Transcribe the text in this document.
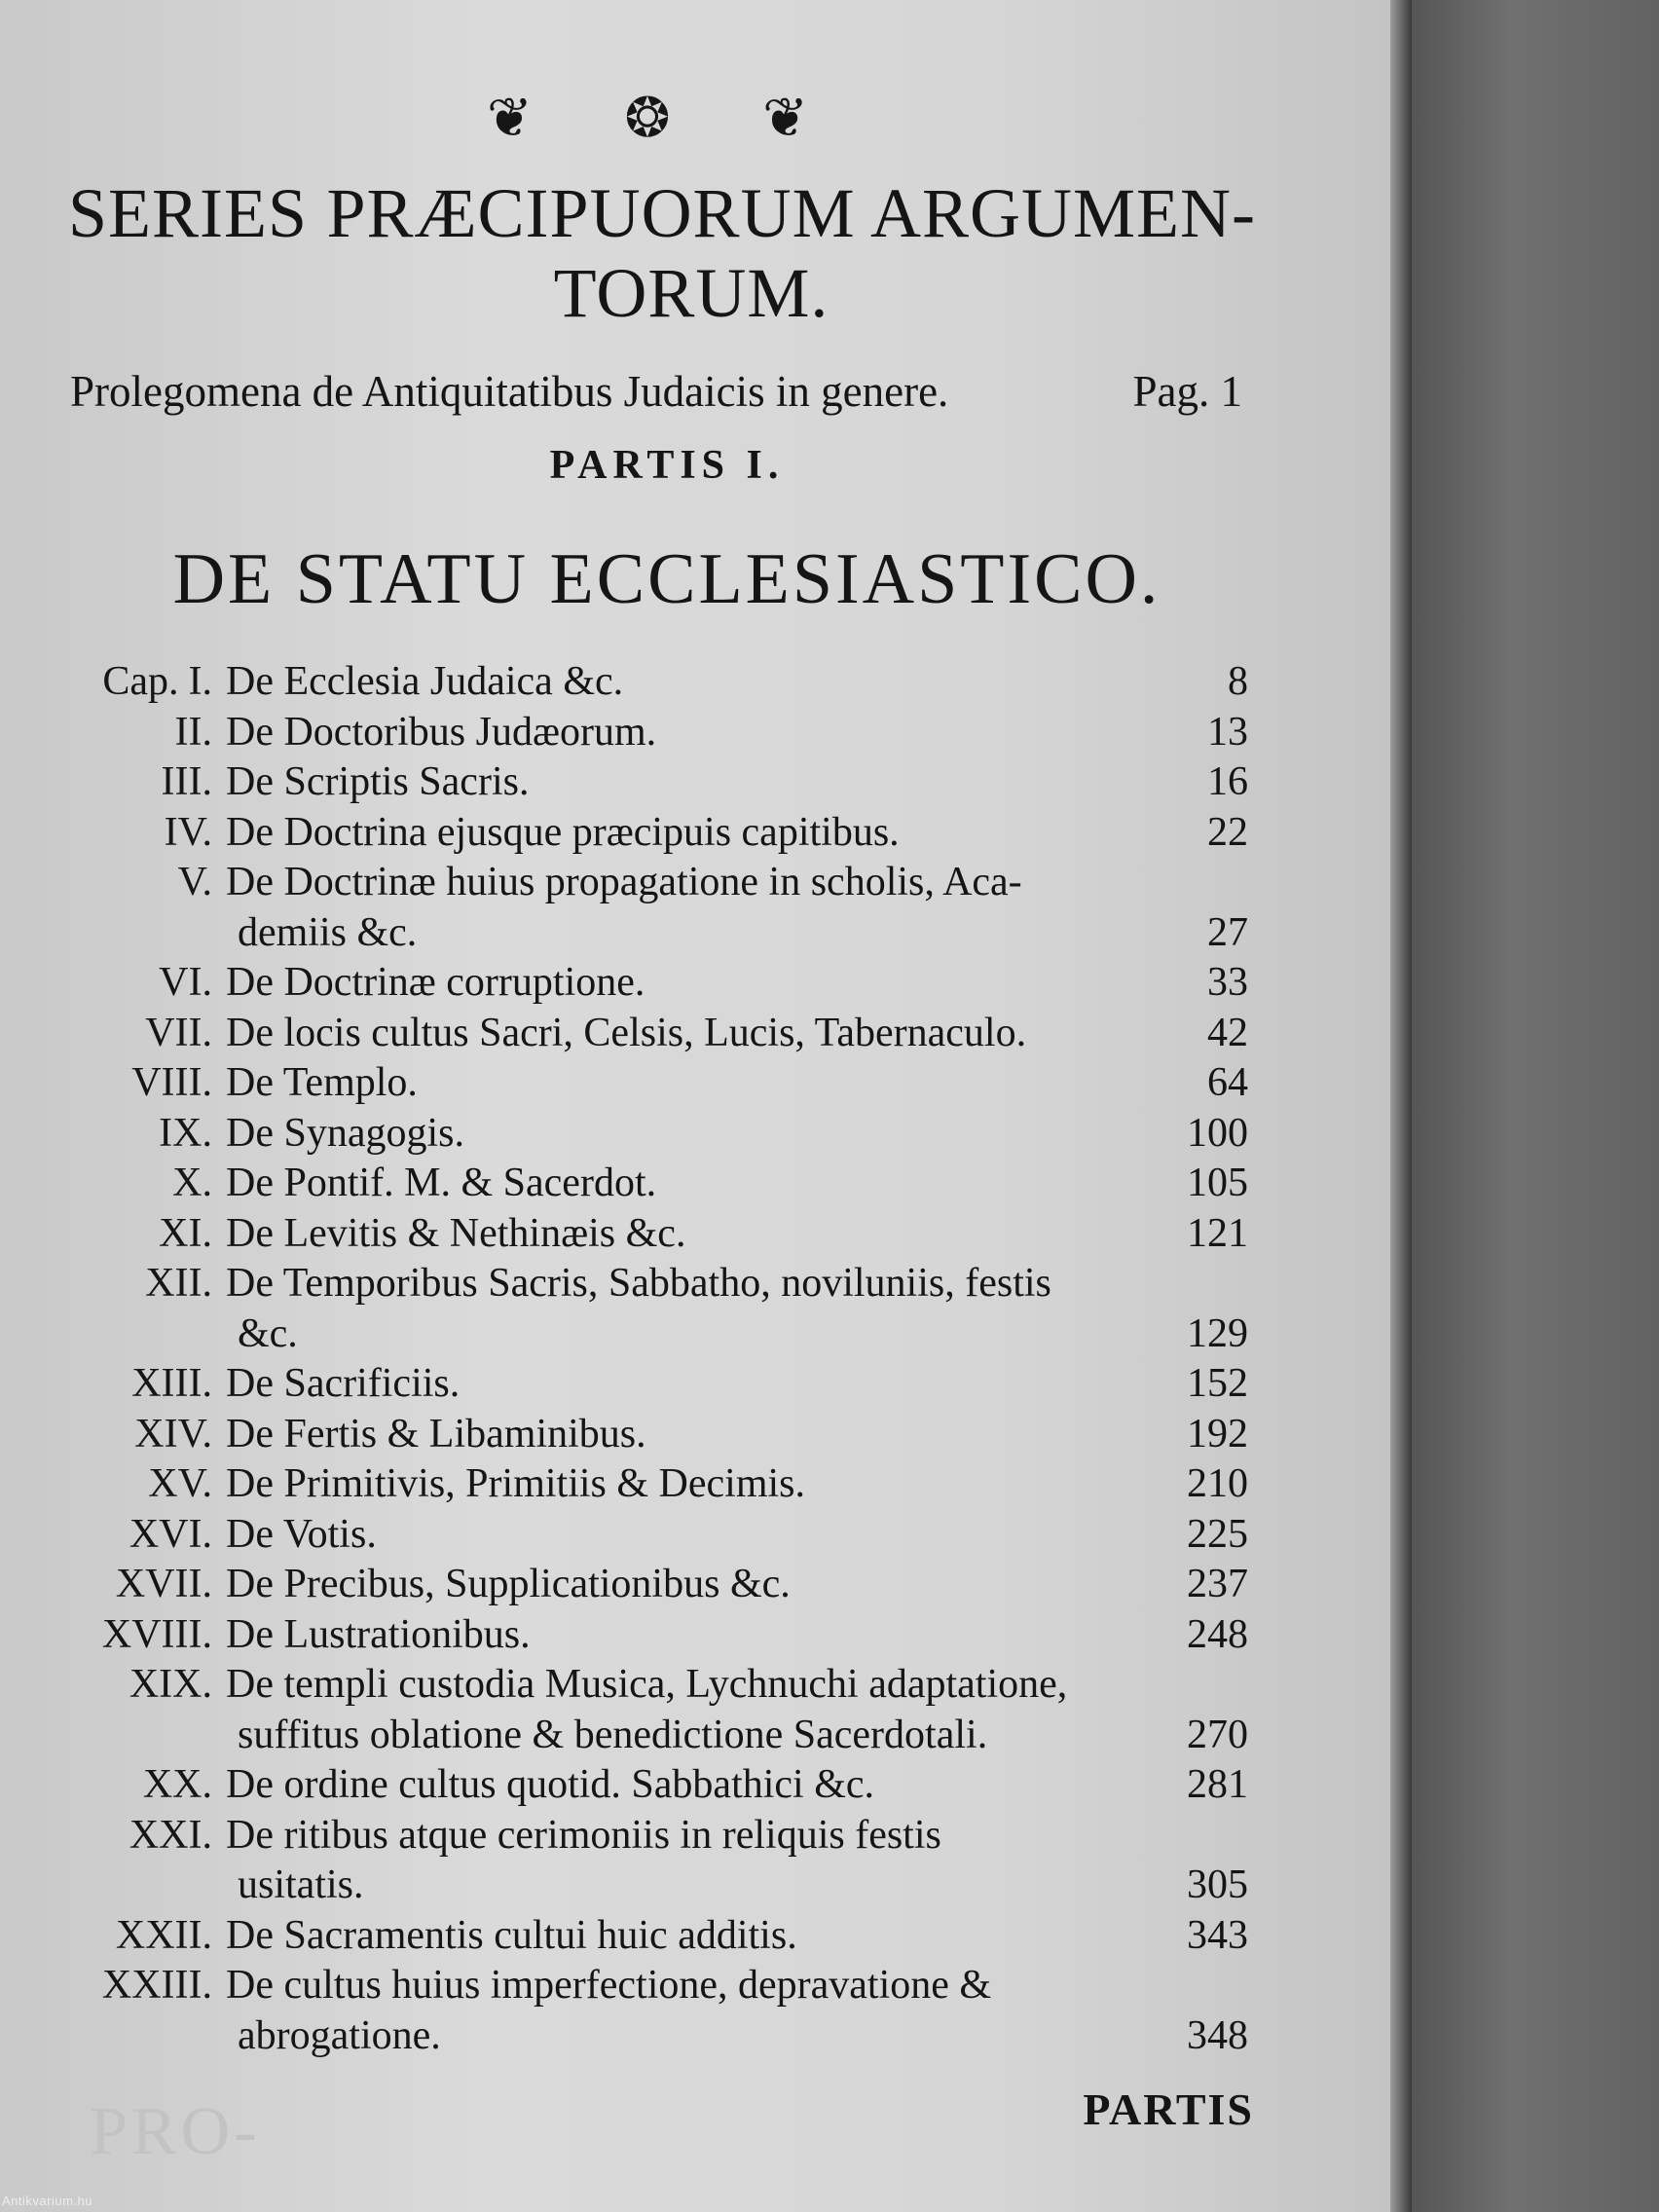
❦ ❂ ❦
SERIES PRÆCIPUORUM ARGUMEN-
TORUM.
Prolegomena de Antiquitatibus Judaicis in genere.	Pag. 1
PARTIS I.
DE STATU ECCLESIASTICO.
Cap. I. De Ecclesia Judaica &c.	8
II. De Doctoribus Judæorum.	13
III. De Scriptis Sacris.	16
IV. De Doctrina ejusque præcipuis capitibus.	22
V. De Doctrinæ huius propagatione in scholis, Aca-
demiis &c.	27
VI. De Doctrinæ corruptione.	33
VII. De locis cultus Sacri, Celsis, Lucis, Tabernaculo.	42
VIII. De Templo.	64
IX. De Synagogis.	100
X. De Pontif. M. & Sacerdot.	105
XI. De Levitis & Nethinæis &c.	121
XII. De Temporibus Sacris, Sabbatho, noviluniis, festis
&c.	129
XIII. De Sacrificiis.	152
XIV. De Fertis & Libaminibus.	192
XV. De Primitivis, Primitiis & Decimis.	210
XVI. De Votis.	225
XVII. De Precibus, Supplicationibus &c.	237
XVIII. De Lustrationibus.	248
XIX. De templi custodia Musica, Lychnuchi adaptatione,
suffitus oblatione & benedictione Sacerdotali.	270
XX. De ordine cultus quotid. Sabbathici &c.	281
XXI. De ritibus atque cerimoniis in reliquis festis
usitatis.	305
XXII. De Sacramentis cultui huic additis.	343
XXIII. De cultus huius imperfectione, depravatione &
abrogatione.	348
PRO-	PARTIS
Antikvarium.hu
